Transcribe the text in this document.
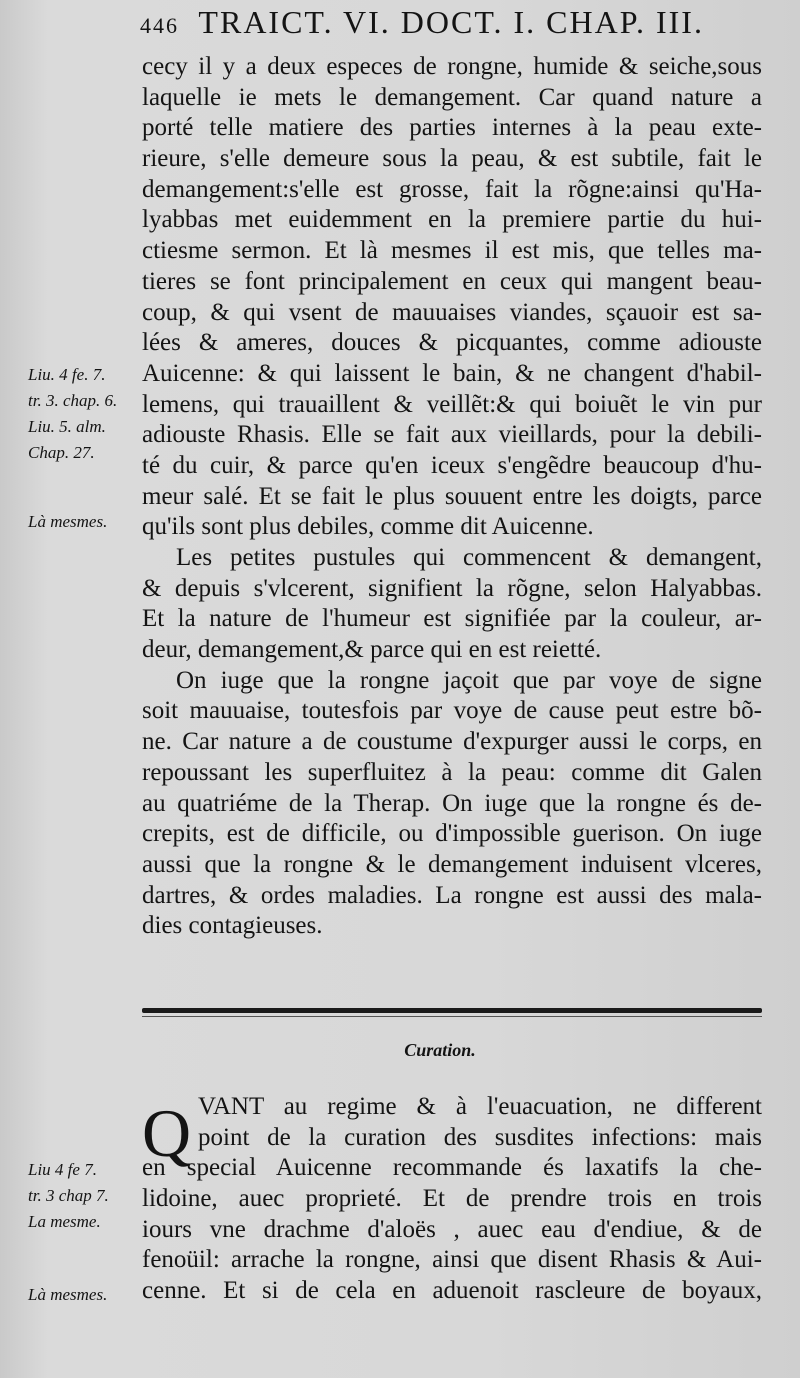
446 TRAICT. VI. DOCT. I. CHAP. III.
cecy il y a deux especes de rongne, humide & seiche,sous
laquelle ie mets le demangement. Car quand nature a
porté telle matiere des parties internes à la peau exte-
rieure, s'elle demeure sous la peau, & est subtile, fait le
demangement:s'elle est grosse, fait la rõgne:ainsi qu'Ha-
lyabbas met euidemment en la premiere partie du hui-
ctiesme sermon. Et là mesmes il est mis, que telles ma-
tieres se font principalement en ceux qui mangent beau-
coup, & qui vsent de mauuaises viandes, sçauoir est sa-
lées & ameres, douces & picquantes, comme adiouste
Auicenne: & qui laissent le bain, & ne changent d'habil-
lemens, qui trauaillent & veillẽt:& qui boiuẽt le vin pur
adiouste Rhasis. Elle se fait aux vieillards, pour la debili-
té du cuir, & parce qu'en iceux s'engẽdre beaucoup d'hu-
meur salé. Et se fait le plus souuent entre les doigts, parce
qu'ils sont plus debiles, comme dit Auicenne.
Les petites pustules qui commencent & demangent,
& depuis s'vlcerent, signifient la rõgne, selon Halyabbas.
Et la nature de l'humeur est signifiée par la couleur, ar-
deur, demangement,& parce qui en est reietté.
On iuge que la rongne jaçoit que par voye de signe
soit mauuaise, toutesfois par voye de cause peut estre bõ-
ne. Car nature a de coustume d'expurger aussi le corps, en
repoussant les superfluitez à la peau: comme dit Galen
au quatriéme de la Therap. On iuge que la rongne és de-
crepits, est de difficile, ou d'impossible guerison. On iuge
aussi que la rongne & le demangement induisent vlceres,
dartres, & ordes maladies. La rongne est aussi des mala-
dies contagieuses.
Liu. 4 fe. 7.
tr. 3. chap. 6.
Liu. 5. alm.
Chap. 27.
Là mesmes.
Curation.
Q VANT au regime & à l'euacuation, ne different
point de la curation des susdites infections: mais
en special Auicenne recommande és laxatifs la che-
lidoine, auec proprieté. Et de prendre trois en trois
iours vne drachme d'aloës , auec eau d'endiue, & de
fenoüil: arrache la rongne, ainsi que disent Rhasis & Aui-
cenne. Et si de cela en aduenoit rascleure de boyaux,
Liu 4 fe 7.
tr. 3 chap 7.
La mesme.
Là mesmes.
